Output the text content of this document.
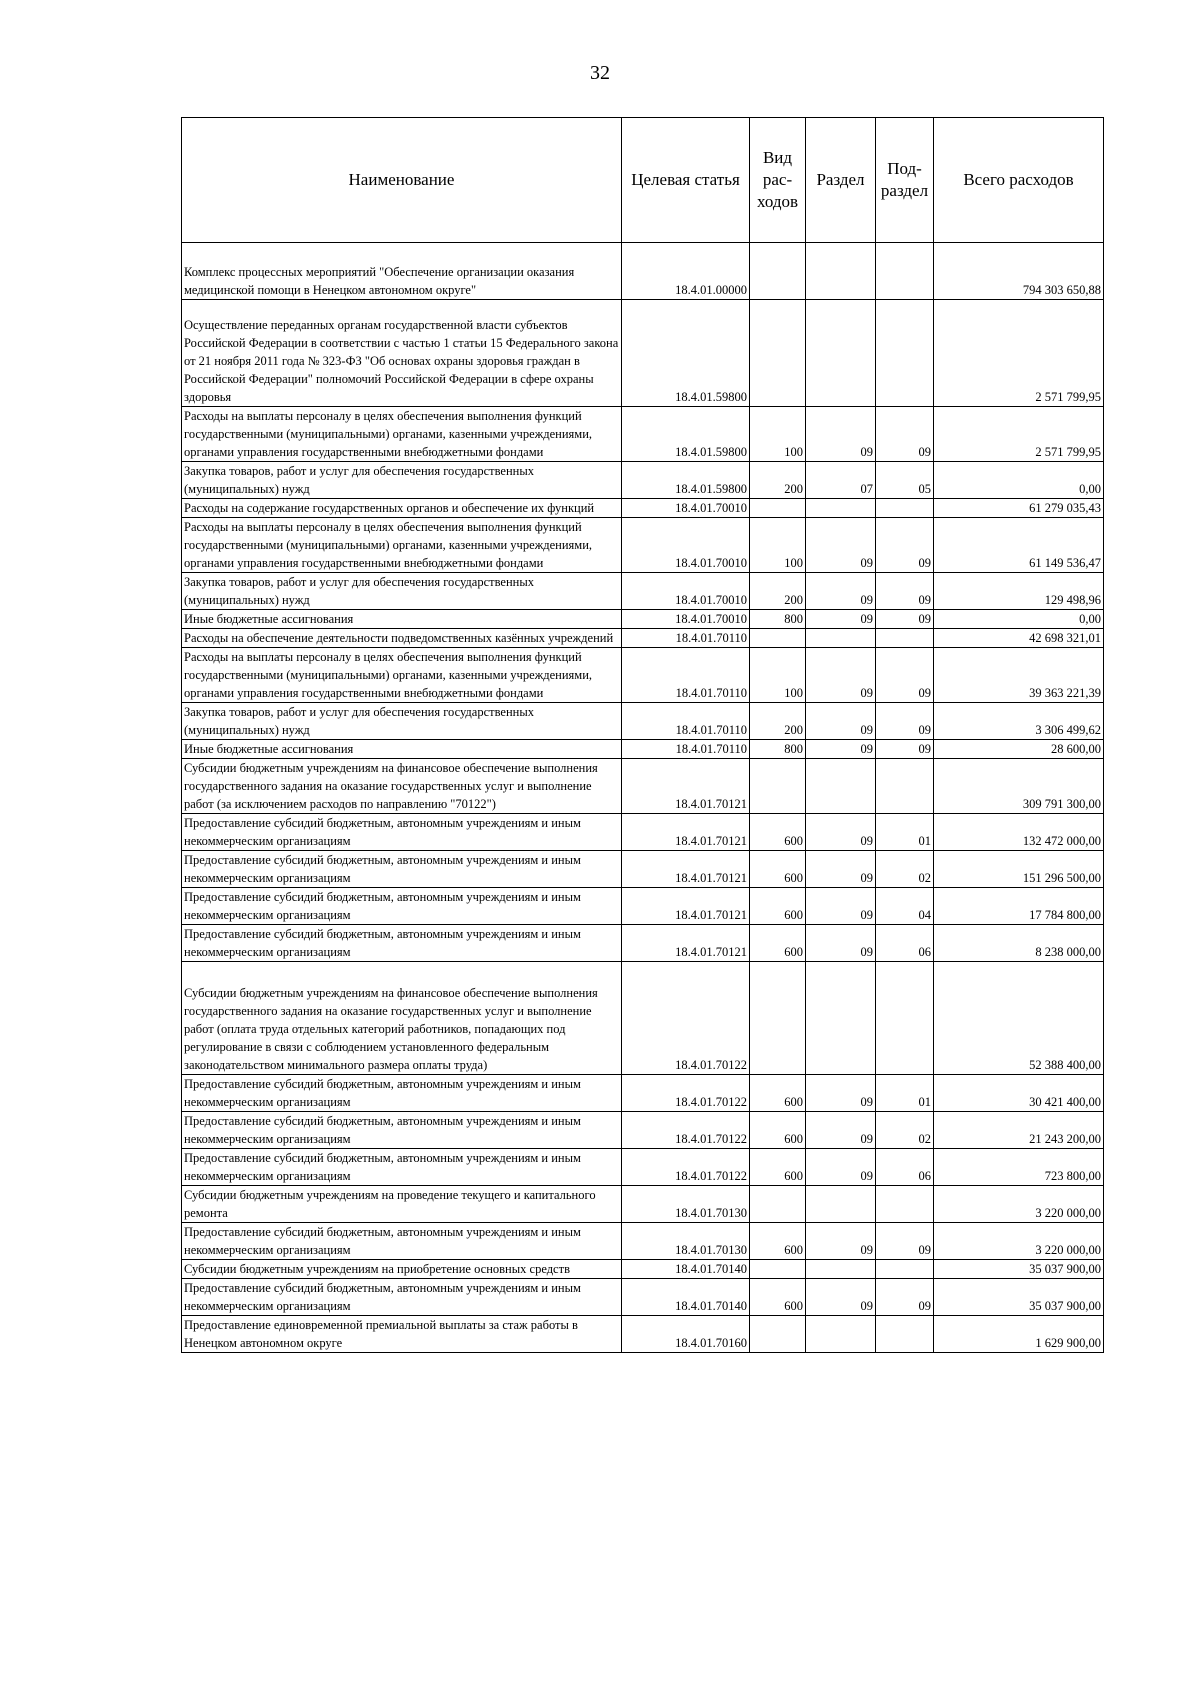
32
Наименование	Целевая статья	Вид рас- ходов	Раздел	Под- раздел	Всего расходов
Комплекс процессных мероприятий "Обеспечение организации оказания медицинской помощи в Ненецком автономном округе"	18.4.01.00000				794 303 650,88
Осуществление переданных органам государственной власти субъектов Российской Федерации в соответствии с частью 1 статьи 15 Федерального закона от 21 ноября 2011 года № 323-ФЗ "Об основах охраны здоровья граждан в Российской Федерации" полномочий Российской Федерации в сфере охраны здоровья	18.4.01.59800				2 571 799,95
Расходы на выплаты персоналу в целях обеспечения выполнения функций государственными (муниципальными) органами, казенными учреждениями, органами управления государственными внебюджетными фондами	18.4.01.59800	100	09	09	2 571 799,95
Закупка товаров, работ и услуг для обеспечения государственных (муниципальных) нужд	18.4.01.59800	200	07	05	0,00
Расходы на содержание государственных органов и обеспечение их функций	18.4.01.70010				61 279 035,43
Расходы на выплаты персоналу в целях обеспечения выполнения функций государственными (муниципальными) органами, казенными учреждениями, органами управления государственными внебюджетными фондами	18.4.01.70010	100	09	09	61 149 536,47
Закупка товаров, работ и услуг для обеспечения государственных (муниципальных) нужд	18.4.01.70010	200	09	09	129 498,96
Иные бюджетные ассигнования	18.4.01.70010	800	09	09	0,00
Расходы на обеспечение деятельности подведомственных казённых учреждений	18.4.01.70110				42 698 321,01
Расходы на выплаты персоналу в целях обеспечения выполнения функций государственными (муниципальными) органами, казенными учреждениями, органами управления государственными внебюджетными фондами	18.4.01.70110	100	09	09	39 363 221,39
Закупка товаров, работ и услуг для обеспечения государственных (муниципальных) нужд	18.4.01.70110	200	09	09	3 306 499,62
Иные бюджетные ассигнования	18.4.01.70110	800	09	09	28 600,00
Субсидии бюджетным учреждениям на финансовое обеспечение выполнения государственного задания на оказание государственных услуг и выполнение работ (за исключением расходов по направлению "70122")	18.4.01.70121				309 791 300,00
Предоставление субсидий бюджетным, автономным учреждениям и иным некоммерческим организациям	18.4.01.70121	600	09	01	132 472 000,00
Предоставление субсидий бюджетным, автономным учреждениям и иным некоммерческим организациям	18.4.01.70121	600	09	02	151 296 500,00
Предоставление субсидий бюджетным, автономным учреждениям и иным некоммерческим организациям	18.4.01.70121	600	09	04	17 784 800,00
Предоставление субсидий бюджетным, автономным учреждениям и иным некоммерческим организациям	18.4.01.70121	600	09	06	8 238 000,00
Субсидии бюджетным учреждениям на финансовое обеспечение выполнения государственного задания на оказание государственных услуг и выполнение работ (оплата труда отдельных категорий работников, попадающих под регулирование в связи с соблюдением установленного федеральным законодательством минимального размера оплаты труда)	18.4.01.70122				52 388 400,00
Предоставление субсидий бюджетным, автономным учреждениям и иным некоммерческим организациям	18.4.01.70122	600	09	01	30 421 400,00
Предоставление субсидий бюджетным, автономным учреждениям и иным некоммерческим организациям	18.4.01.70122	600	09	02	21 243 200,00
Предоставление субсидий бюджетным, автономным учреждениям и иным некоммерческим организациям	18.4.01.70122	600	09	06	723 800,00
Субсидии бюджетным учреждениям на проведение текущего и капитального ремонта	18.4.01.70130				3 220 000,00
Предоставление субсидий бюджетным, автономным учреждениям и иным некоммерческим организациям	18.4.01.70130	600	09	09	3 220 000,00
Субсидии бюджетным учреждениям на приобретение основных средств	18.4.01.70140				35 037 900,00
Предоставление субсидий бюджетным, автономным учреждениям и иным некоммерческим организациям	18.4.01.70140	600	09	09	35 037 900,00
Предоставление единовременной премиальной выплаты за стаж работы в Ненецком автономном округе	18.4.01.70160				1 629 900,00
